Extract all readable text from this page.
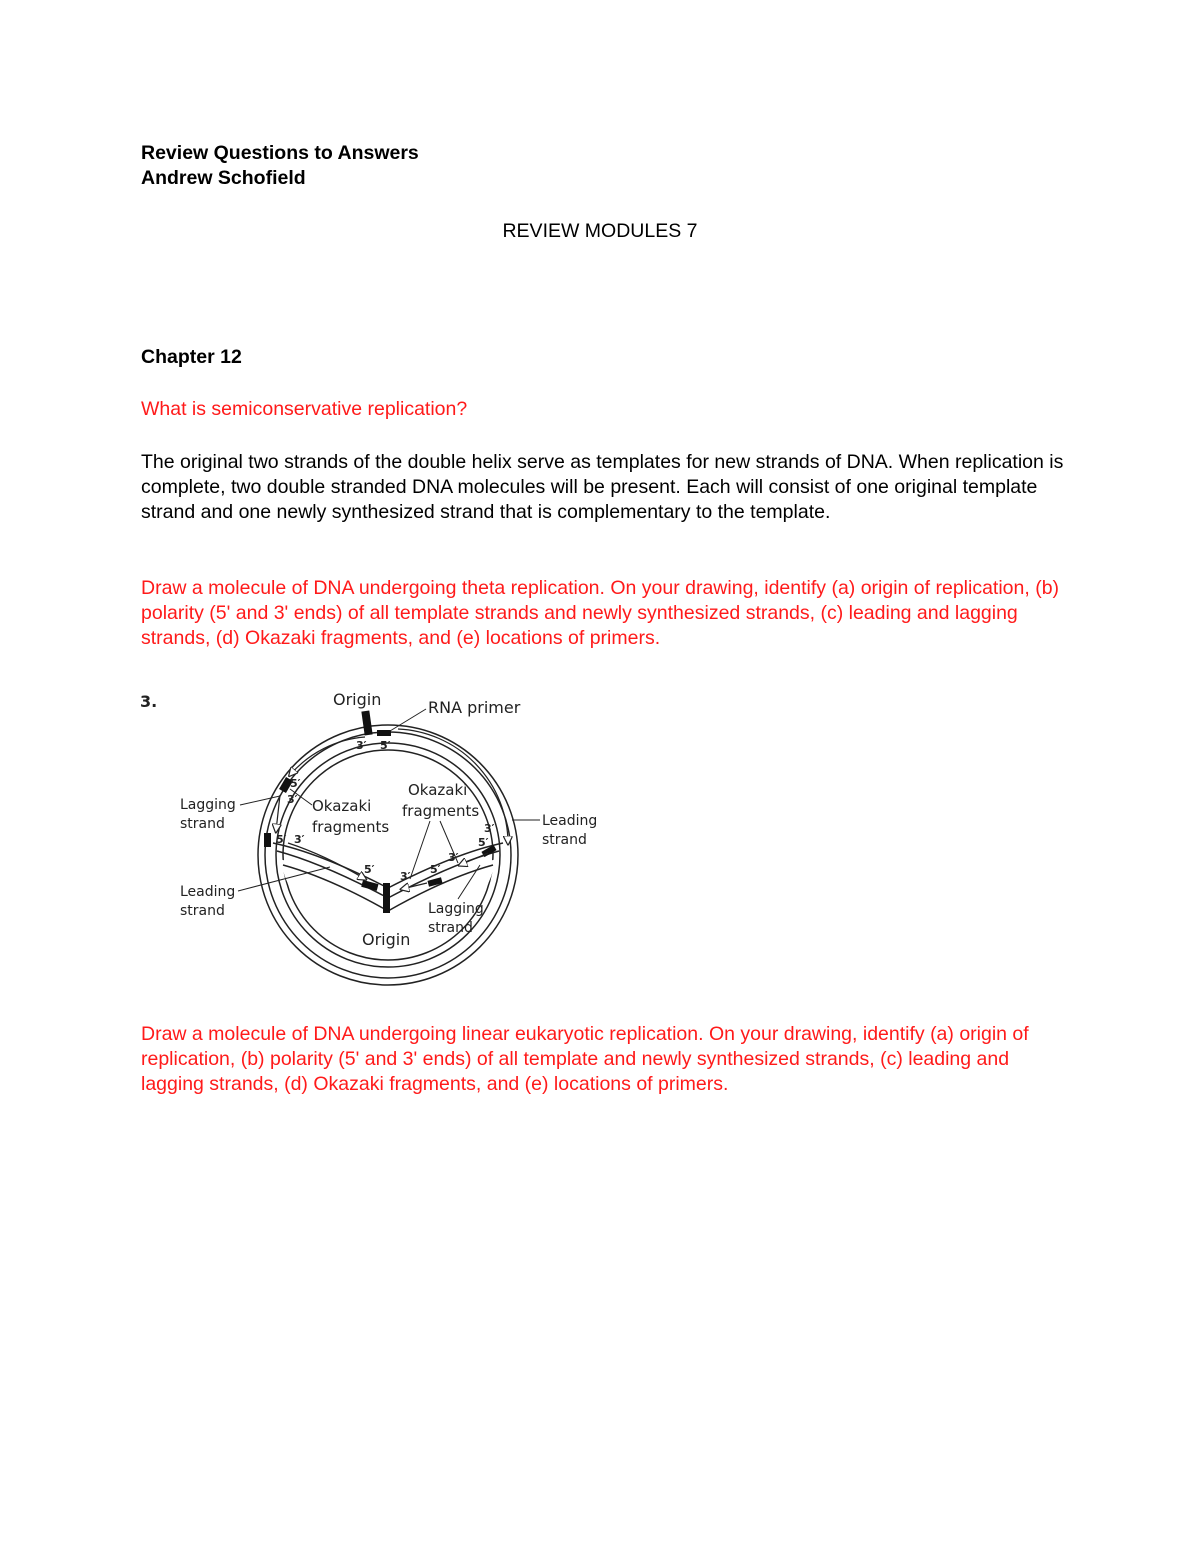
Review Questions to Answers
Andrew Schofield
REVIEW MODULES 7
Chapter 12
What is semiconservative replication?
The original two strands of the double helix serve as templates for new strands of DNA. When replication is complete, two double stranded DNA molecules will be present. Each will consist of one original template strand and one newly synthesized strand that is complementary to the template.
Draw a molecule of DNA undergoing theta replication. On your drawing, identify (a) origin of replication, (b) polarity (5' and 3' ends) of all template strands and newly synthesized strands, (c) leading and lagging strands, (d) Okazaki fragments, and (e) locations of primers.
3.	Origin	RNA primer
Lagging
strand
Okazaki
fragments
Okazaki
fragments
Leading
strand
Leading
strand	Lagging
strand
Origin
3′ 5′
5′
3′
5′ 3′
5′
3′
5′
3′
3′
5′
Draw a molecule of DNA undergoing linear eukaryotic replication. On your drawing, identify (a) origin of replication, (b) polarity (5' and 3' ends) of all template and newly synthesized strands, (c) leading and lagging strands, (d) Okazaki fragments, and (e) locations of primers.
